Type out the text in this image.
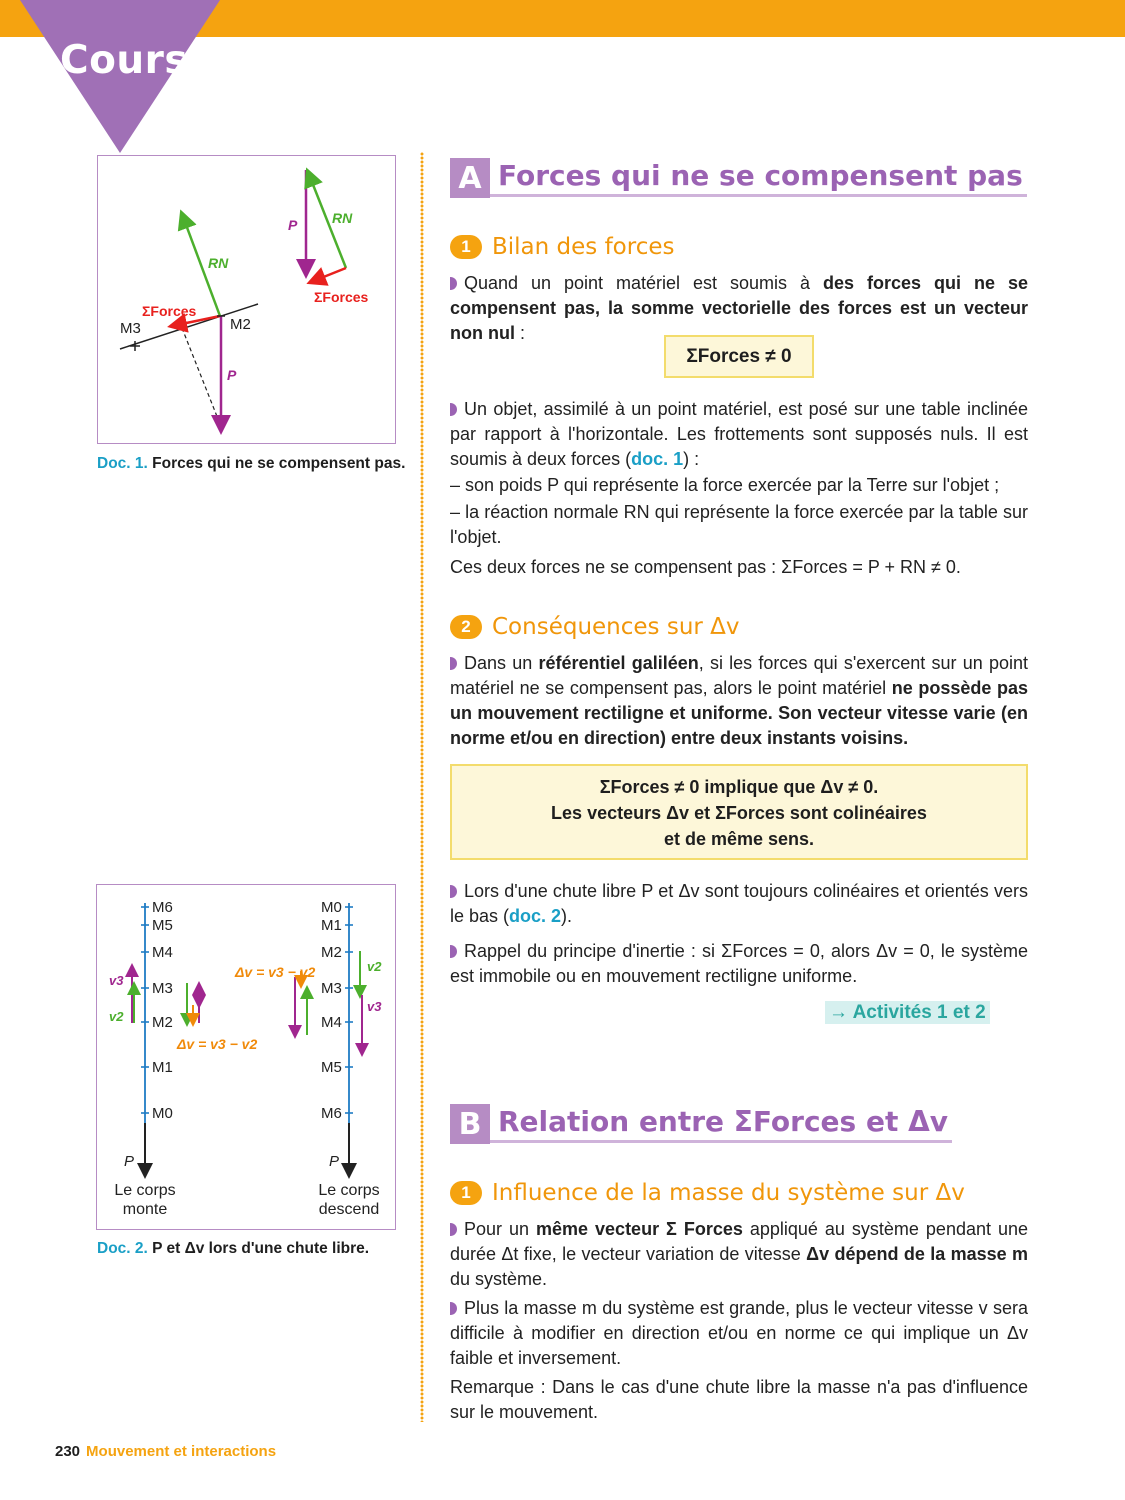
Cours
RN
ΣForces
M3	M2
P
P RN
ΣForces
Doc. 1. Forces qui ne se compensent pas.
M6
M5
M4
M3
M2
M1
M0
M0
M1
M2
M3
M4
M5
M6
v3
v2
v2
v3
Δv = v3 − v2
Δv = v3 − v2
P	P
Le corps
monte
Le corps
descend
Doc. 2. P et Δv lors d'une chute libre.
A Forces qui ne se compensent pas
1 Bilan des forces
Quand un point matériel est soumis à des forces qui ne se compensent pas, la somme vectorielle des forces est un vecteur non nul :
ΣForces ≠ 0
Un objet, assimilé à un point matériel, est posé sur une table inclinée par rapport à l'horizontale. Les frottements sont supposés nuls. Il est soumis à deux forces (doc. 1) :
– son poids P qui représente la force exercée par la Terre sur l'objet ;
– la réaction normale RN qui représente la force exercée par la table sur l'objet.
Ces deux forces ne se compensent pas : ΣForces = P + RN ≠ 0.
2 Conséquences sur Δv
Dans un référentiel galiléen, si les forces qui s'exercent sur un point matériel ne se compensent pas, alors le point matériel ne possède pas un mouvement rectiligne et uniforme. Son vecteur vitesse varie (en norme et/ou en direction) entre deux instants voisins.
ΣForces ≠ 0 implique que Δv ≠ 0.
Les vecteurs Δv et ΣForces sont colinéaires
et de même sens.
Lors d'une chute libre P et Δv sont toujours colinéaires et orientés vers le bas (doc. 2).
Rappel du principe d'inertie : si ΣForces = 0, alors Δv = 0, le système est immobile ou en mouvement rectiligne uniforme.
→ Activités 1 et 2
B Relation entre ΣForces et Δv
1 Influence de la masse du système sur Δv
Pour un même vecteur Σ Forces appliqué au système pendant une durée Δt fixe, le vecteur variation de vitesse Δv dépend de la masse m du système.
Plus la masse m du système est grande, plus le vecteur vitesse v sera difficile à modifier en direction et/ou en norme ce qui implique un Δv faible et inversement.
Remarque : Dans le cas d'une chute libre la masse n'a pas d'influence sur le mouvement.
230 Mouvement et interactions
